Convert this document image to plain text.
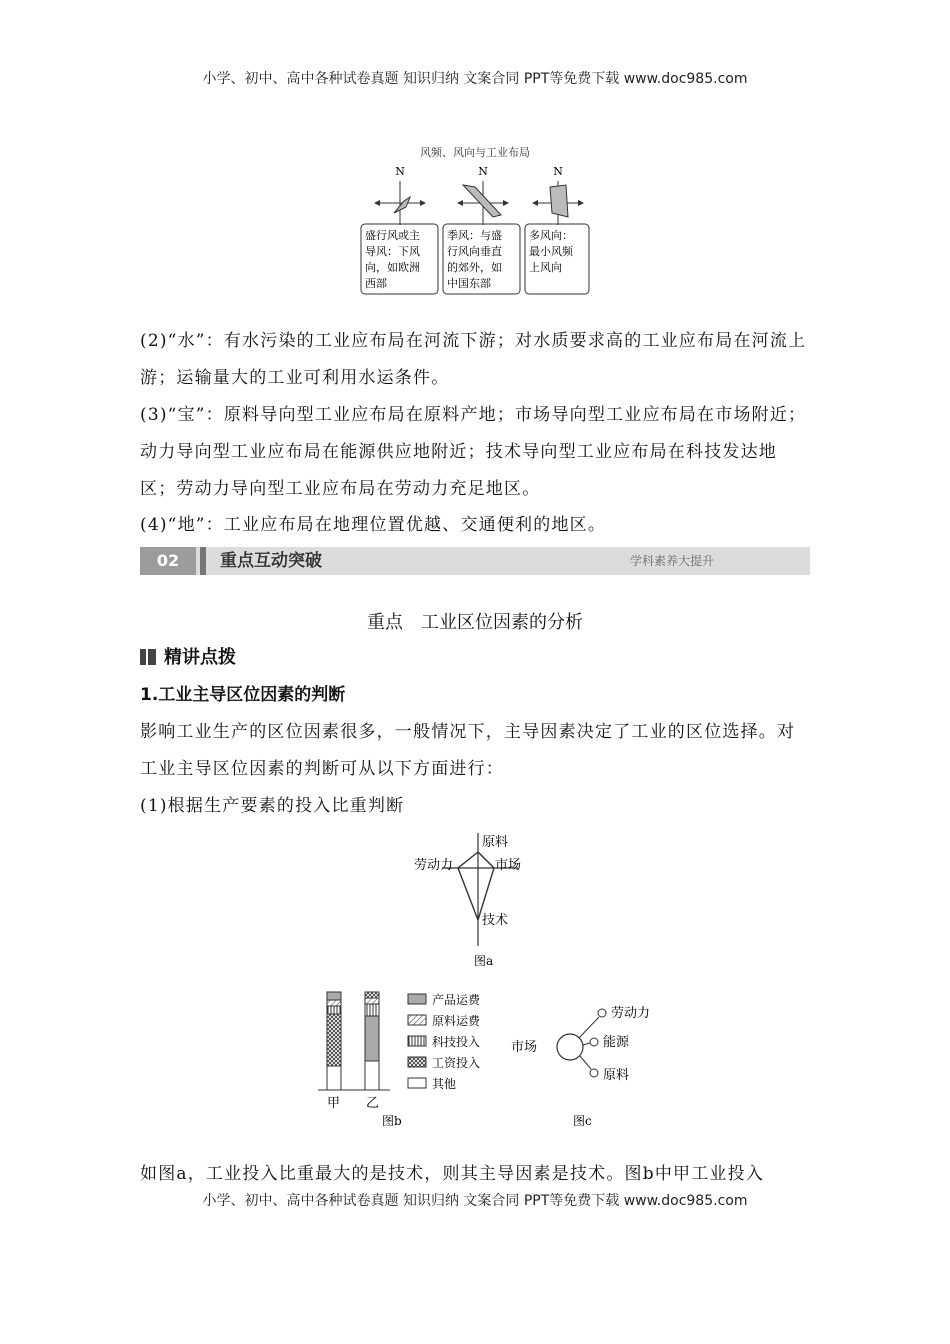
小学、初中、高中各种试卷真题 知识归纳 文案合同 PPT等免费下载 www.doc985.com
风频、风向与工业布局
N	N	N
盛行风或主
导风：下风
向，如欧洲
西部
季风：与盛
行风向垂直
的郊外，如
中国东部
多风向：
最小风频
上风向

(2)“水”：有水污染的工业应布局在河流下游；对水质要求高的工业应布局在河流上游；运输量大的工业可利用水运条件。

(3)“宝”：原料导向型工业应布局在原料产地；市场导向型工业应布局在市场附近；动力导向型工业应布局在能源供应地附近；技术导向型工业应布局在科技发达地区；劳动力导向型工业应布局在劳动力充足地区。

(4)“地”：工业应布局在地理位置优越、交通便利的地区。

02	重点互动突破	学科素养大提升
重点　工业区位因素的分析
精讲点拨
1.工业主导区位因素的判断

影响工业生产的区位因素很多，一般情况下，主导因素决定了工业的区位选择。对工业主导区位因素的判断可从以下方面进行：

(1)根据生产要素的投入比重判断

原料
劳动力	市场
技术
图a
甲 乙
产品运费
原料运费
科技投入
工资投入
其他
图b
市场
劳动力
能源
原料
图c

如图a，工业投入比重最大的是技术，则其主导因素是技术。图b中甲工业投入

小学、初中、高中各种试卷真题 知识归纳 文案合同 PPT等免费下载 www.doc985.com
